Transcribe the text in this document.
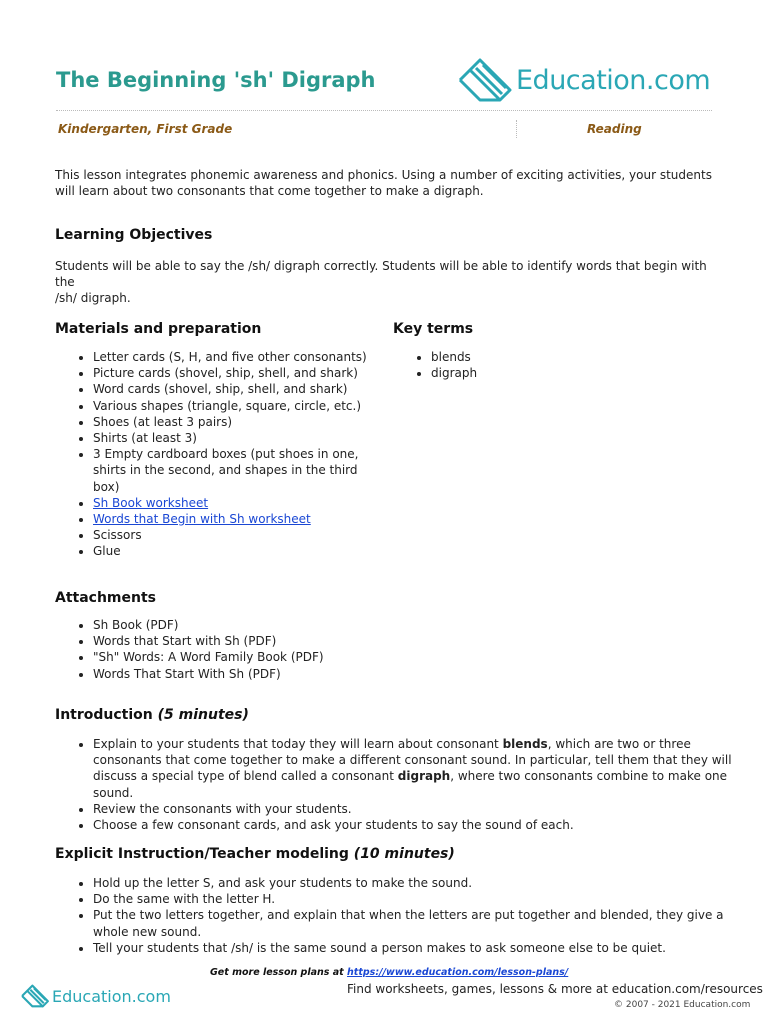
The Beginning 'sh' Digraph	Education.com
Kindergarten, First Grade	Reading
This lesson integrates phonemic awareness and phonics. Using a number of exciting activities, your students
will learn about two consonants that come together to make a digraph.
Learning Objectives
Students will be able to say the /sh/ digraph correctly. Students will be able to identify words that begin with the
/sh/ digraph.
Materials and preparation
• Letter cards (S, H, and five other consonants)
• Picture cards (shovel, ship, shell, and shark)
• Word cards (shovel, ship, shell, and shark)
• Various shapes (triangle, square, circle, etc.)
• Shoes (at least 3 pairs)
• Shirts (at least 3)
• 3 Empty cardboard boxes (put shoes in one,
shirts in the second, and shapes in the third
box)
• Sh Book worksheet
• Words that Begin with Sh worksheet
• Scissors
• Glue
Key terms
• blends
• digraph
Attachments
• Sh Book (PDF)
• Words that Start with Sh (PDF)
• "Sh" Words: A Word Family Book (PDF)
• Words That Start With Sh (PDF)
Introduction (5 minutes)
• Explain to your students that today they will learn about consonant blends, which are two or three
consonants that come together to make a different consonant sound. In particular, tell them that they will
discuss a special type of blend called a consonant digraph, where two consonants combine to make one
sound.
• Review the consonants with your students.
• Choose a few consonant cards, and ask your students to say the sound of each.
Explicit Instruction/Teacher modeling (10 minutes)
• Hold up the letter S, and ask your students to make the sound.
• Do the same with the letter H.
• Put the two letters together, and explain that when the letters are put together and blended, they give a
whole new sound.
• Tell your students that /sh/ is the same sound a person makes to ask someone else to be quiet.
Get more lesson plans at https://www.education.com/lesson-plans/
Education.com	Find worksheets, games, lessons & more at education.com/resources
© 2007 - 2021 Education.com
